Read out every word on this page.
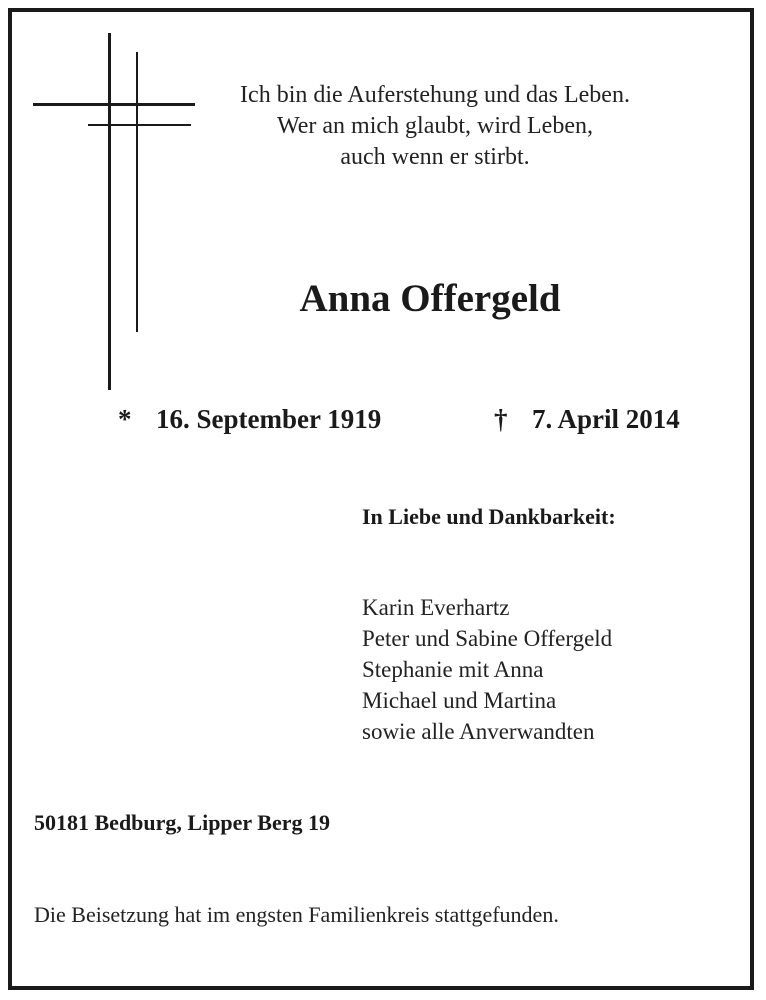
Ich bin die Auferstehung und das Leben.
Wer an mich glaubt, wird Leben,
auch wenn er stirbt.
Anna Offergeld
* 16. September 1919	† 7. April 2014
In Liebe und Dankbarkeit:
Karin Everhartz
Peter und Sabine Offergeld
Stephanie mit Anna
Michael und Martina
sowie alle Anverwandten
50181 Bedburg, Lipper Berg 19
Die Beisetzung hat im engsten Familienkreis stattgefunden.
